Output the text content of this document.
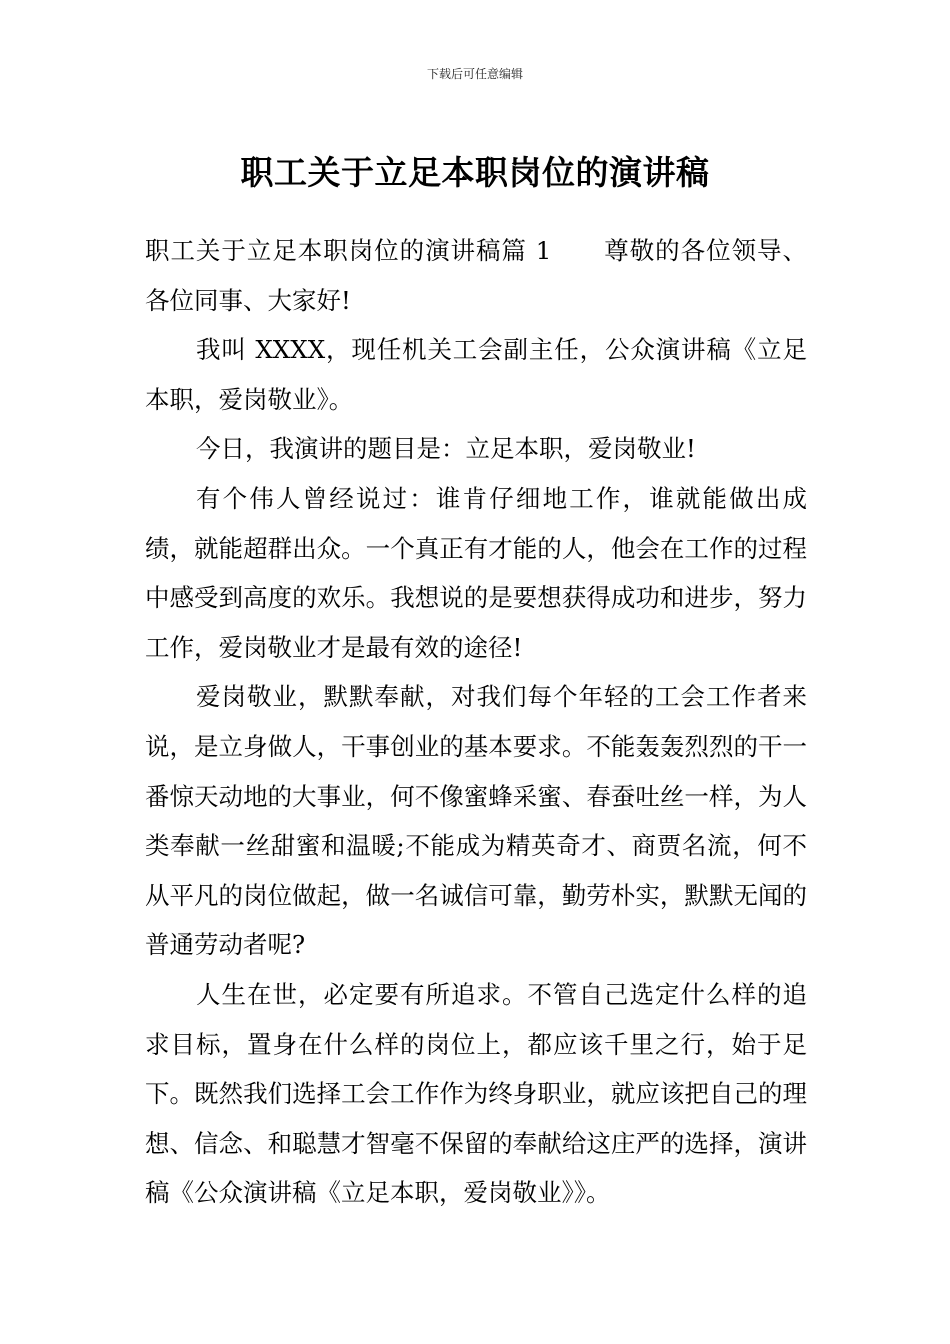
下载后可任意编辑
职工关于立足本职岗位的演讲稿

职工关于立足本职岗位的演讲稿篇 1 尊敬的各位领导、各位同事、大家好!

我叫 XXXX，现任机关工会副主任，公众演讲稿《立足本职，爱岗敬业》。

今日，我演讲的题目是：立足本职，爱岗敬业!

有个伟人曾经说过：谁肯仔细地工作，谁就能做出成绩，就能超群出众。一个真正有才能的人，他会在工作的过程中感受到高度的欢乐。我想说的是要想获得成功和进步，努力工作，爱岗敬业才是最有效的途径!

爱岗敬业，默默奉献，对我们每个年轻的工会工作者来说，是立身做人，干事创业的基本要求。不能轰轰烈烈的干一番惊天动地的大事业，何不像蜜蜂采蜜、春蚕吐丝一样，为人类奉献一丝甜蜜和温暖;不能成为精英奇才、商贾名流，何不从平凡的岗位做起，做一名诚信可靠，勤劳朴实，默默无闻的普通劳动者呢?

人生在世，必定要有所追求。不管自己选定什么样的追求目标，置身在什么样的岗位上，都应该千里之行，始于足下。既然我们选择工会工作作为终身职业，就应该把自己的理想、信念、和聪慧才智毫不保留的奉献给这庄严的选择，演讲稿《公众演讲稿《立足本职，爱岗敬业》》。
